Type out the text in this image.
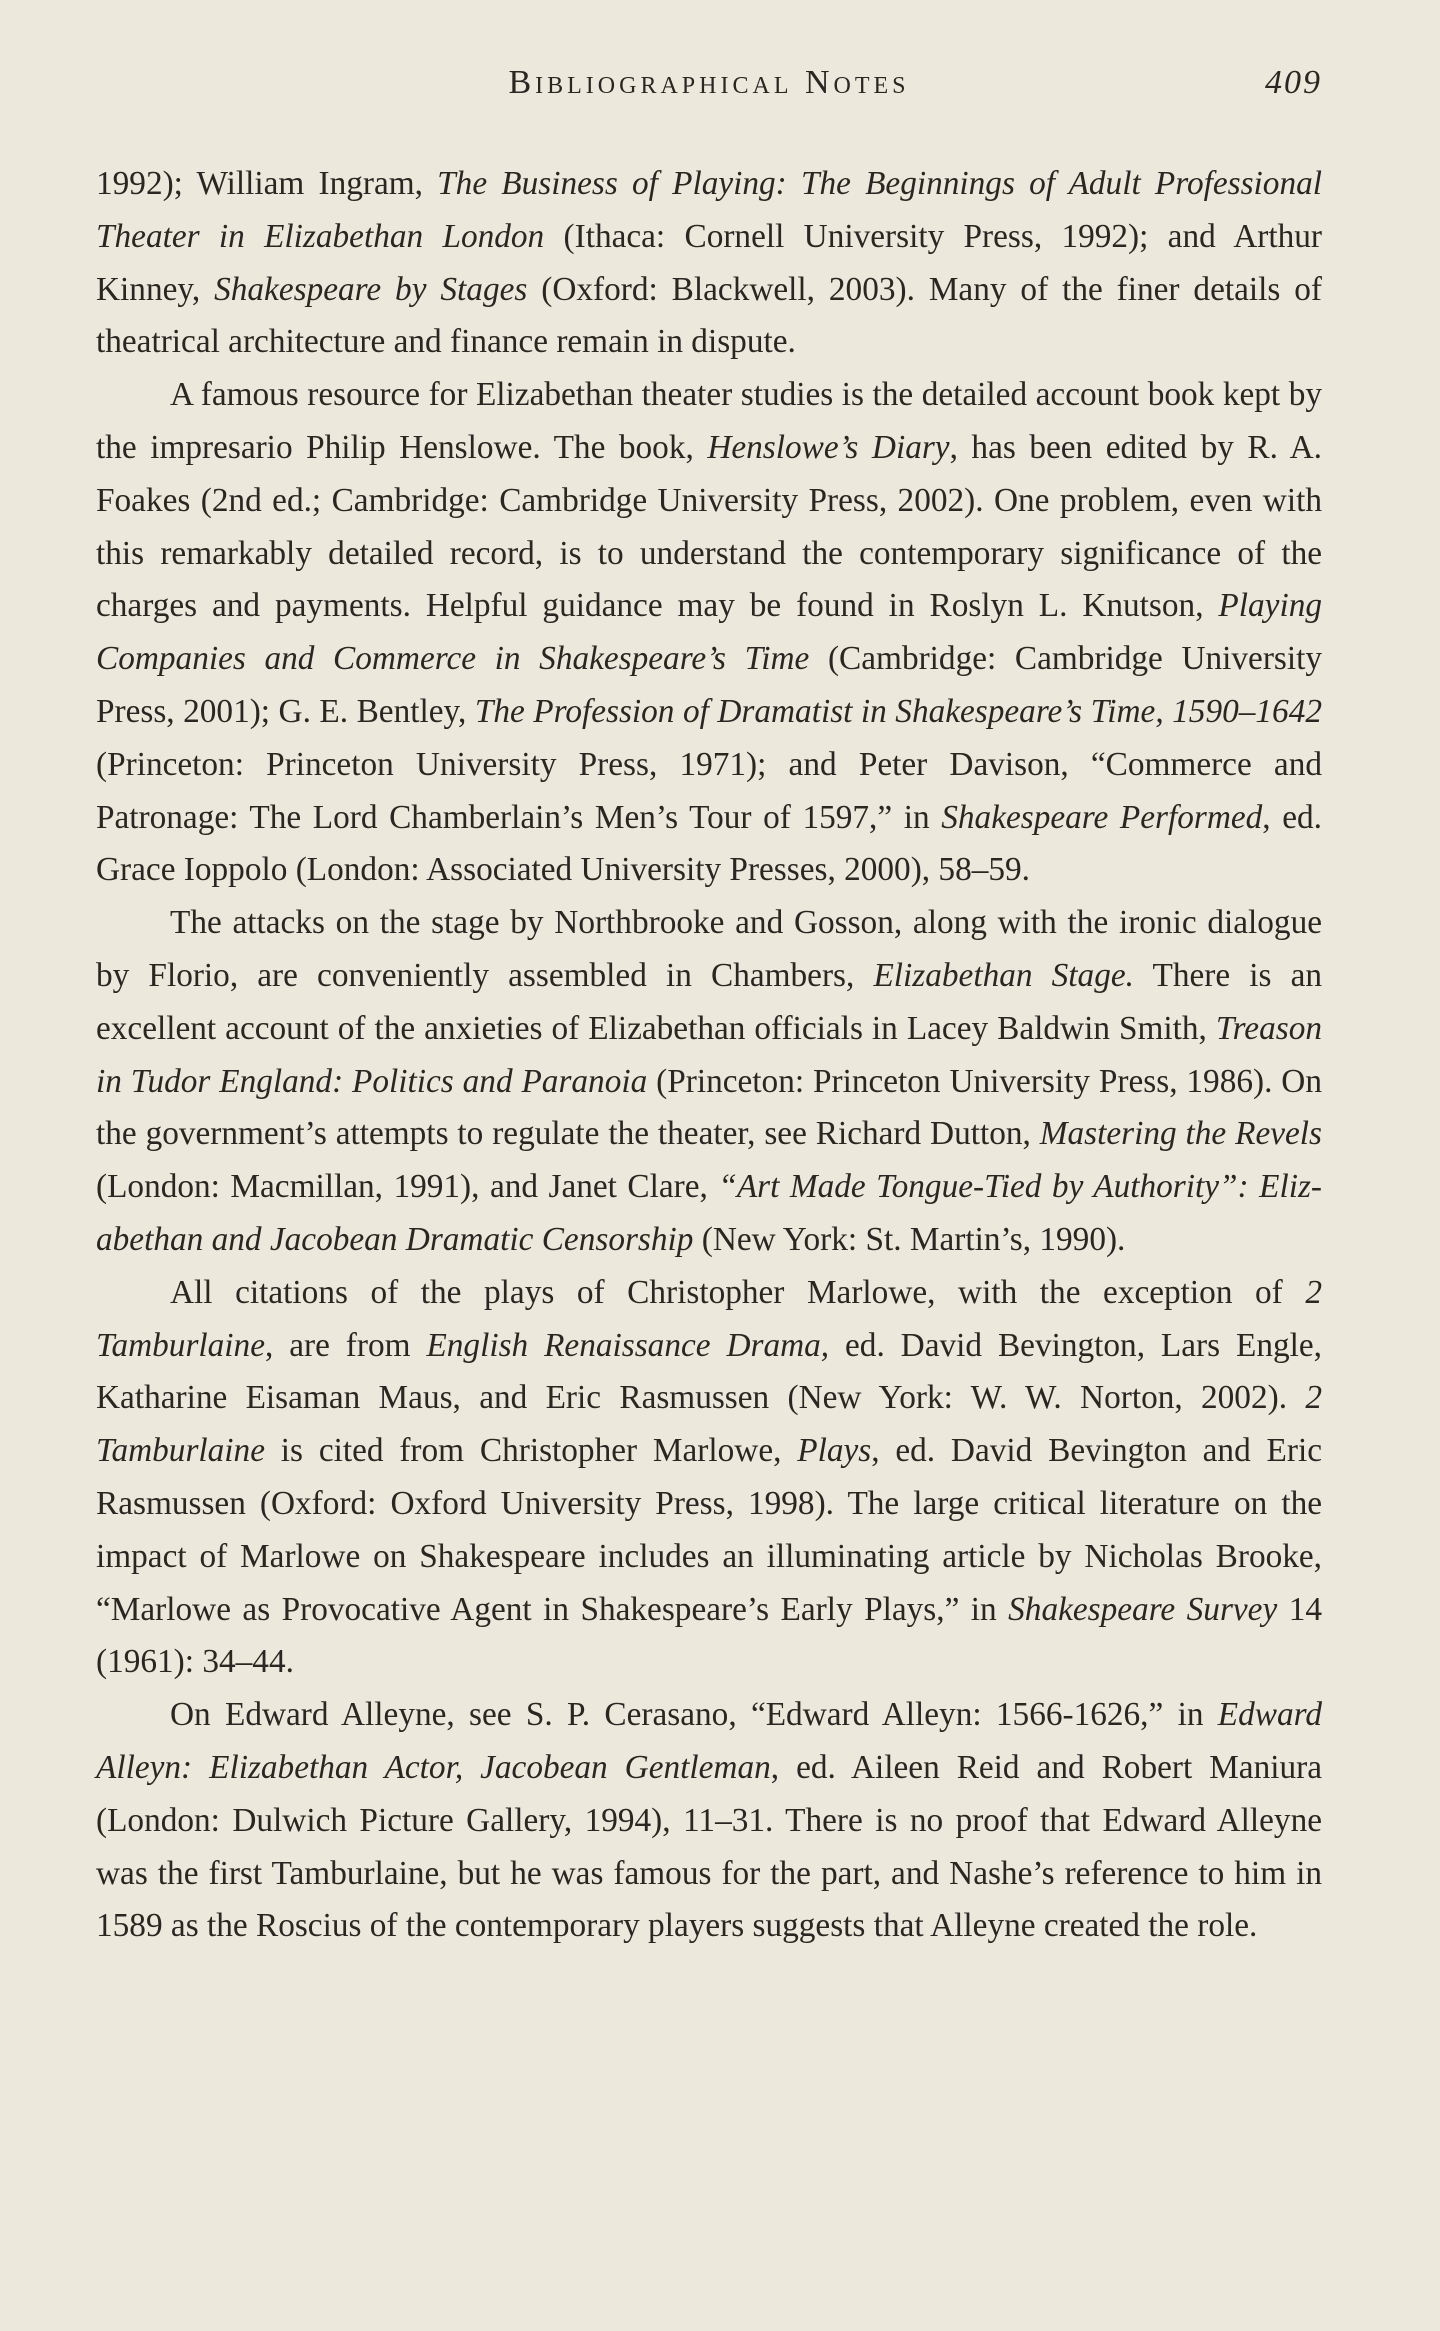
Bibliographical Notes	409

1992); William Ingram, The Business of Playing: The Beginnings of Adult Professional Theater in Elizabethan London (Ithaca: Cornell University Press, 1992); and Arthur Kinney, Shakespeare by Stages (Oxford: Blackwell, 2003). Many of the finer details of theatrical architecture and finance remain in dispute.

A famous resource for Elizabethan theater studies is the detailed account book kept by the impresario Philip Henslowe. The book, Henslowe’s Diary, has been edited by R. A. Foakes (2nd ed.; Cambridge: Cambridge University Press, 2002). One problem, even with this remarkably detailed record, is to understand the contemporary significance of the charges and payments. Helpful guidance may be found in Roslyn L. Knutson, Playing Companies and Commerce in Shakespeare’s Time (Cambridge: Cambridge University Press, 2001); G. E. Bentley, The Profession of Dramatist in Shakespeare’s Time, 1590–1642 (Princeton: Princeton University Press, 1971); and Peter Davison, “Commerce and Patronage: The Lord Chamberlain’s Men’s Tour of 1597,” in Shakespeare Performed, ed. Grace Ioppolo (London: Associated University Presses, 2000), 58–59.

The attacks on the stage by Northbrooke and Gosson, along with the ironic dialogue by Florio, are conveniently assembled in Chambers, Elizabethan Stage. There is an excellent account of the anxieties of Elizabethan officials in Lacey Baldwin Smith, Treason in Tudor England: Politics and Paranoia (Princeton: Princeton University Press, 1986). On the government’s attempts to regulate the theater, see Richard Dutton, Mastering the Revels (London: Macmillan, 1991), and Janet Clare, “Art Made Tongue-Tied by Authority”: Elizabethan and Jacobean Dramatic Censorship (New York: St. Martin’s, 1990).

All citations of the plays of Christopher Marlowe, with the exception of 2 Tamburlaine, are from English Renaissance Drama, ed. David Bevington, Lars Engle, Katharine Eisaman Maus, and Eric Rasmussen (New York: W. W. Norton, 2002). 2 Tamburlaine is cited from Christopher Marlowe, Plays, ed. David Bevington and Eric Rasmussen (Oxford: Oxford University Press, 1998). The large critical literature on the impact of Marlowe on Shakespeare includes an illuminating article by Nicholas Brooke, “Marlowe as Provocative Agent in Shakespeare’s Early Plays,” in Shakespeare Survey 14 (1961): 34–44.

On Edward Alleyne, see S. P. Cerasano, “Edward Alleyn: 1566-1626,” in Edward Alleyn: Elizabethan Actor, Jacobean Gentleman, ed. Aileen Reid and Robert Maniura (London: Dulwich Picture Gallery, 1994), 11–31. There is no proof that Edward Alleyne was the first Tamburlaine, but he was famous for the part, and Nashe’s reference to him in 1589 as the Roscius of the contemporary players suggests that Alleyne created the role.
